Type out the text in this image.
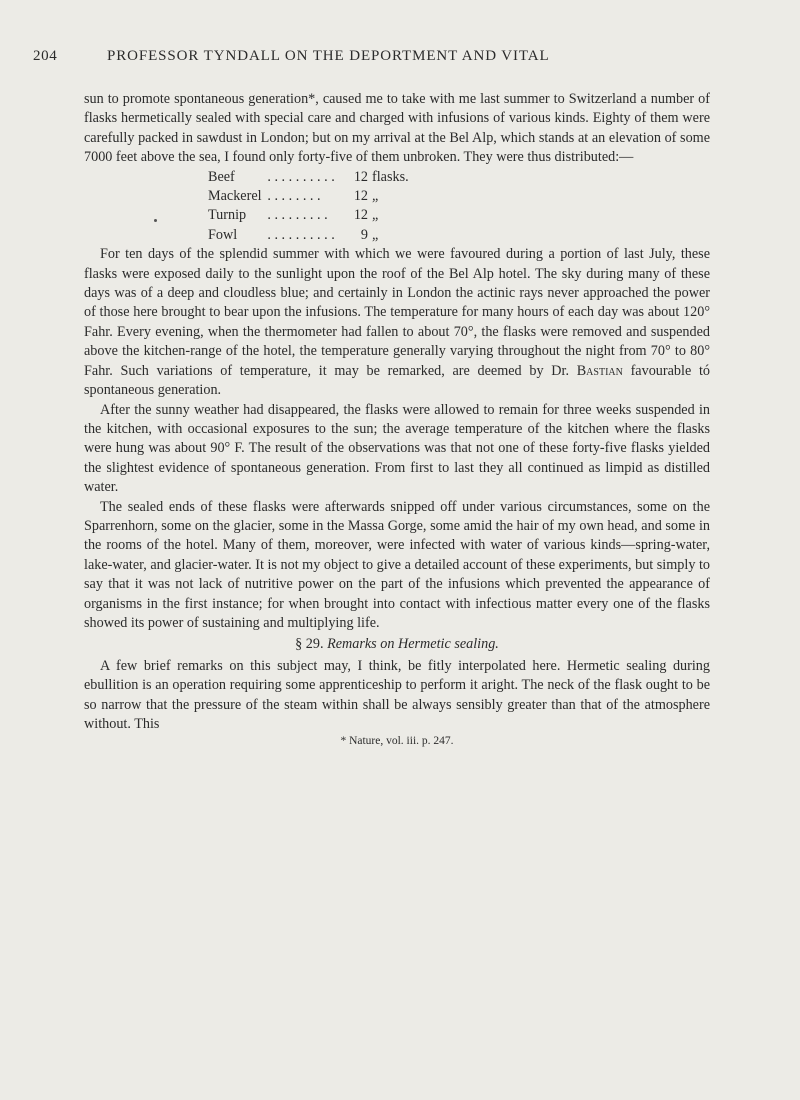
204	PROFESSOR TYNDALL ON THE DEPORTMENT AND VITAL

sun to promote spontaneous generation*, caused me to take with me last summer to Switzerland a number of flasks hermetically sealed with special care and charged with infusions of various kinds. Eighty of them were carefully packed in sawdust in London; but on my arrival at the Bel Alp, which stands at an elevation of some 7000 feet above the sea, I found only forty-five of them unbroken. They were thus distributed:—

Beef	. . . . . . . . . .	12	flasks.
Mackerel	. . . . . . . .	12	„
Turnip	. . . . . . . . .	12	„
Fowl	. . . . . . . . . .	9	„

For ten days of the splendid summer with which we were favoured during a portion of last July, these flasks were exposed daily to the sunlight upon the roof of the Bel Alp hotel. The sky during many of these days was of a deep and cloudless blue; and certainly in London the actinic rays never approached the power of those here brought to bear upon the infusions. The temperature for many hours of each day was about 120° Fahr. Every evening, when the thermometer had fallen to about 70°, the flasks were removed and suspended above the kitchen-range of the hotel, the temperature generally varying throughout the night from 70° to 80° Fahr. Such variations of temperature, it may be remarked, are deemed by Dr. Bastian favourable tó spontaneous generation.

After the sunny weather had disappeared, the flasks were allowed to remain for three weeks suspended in the kitchen, with occasional exposures to the sun; the average temperature of the kitchen where the flasks were hung was about 90° F. The result of the observations was that not one of these forty-five flasks yielded the slightest evidence of spontaneous generation. From first to last they all continued as limpid as distilled water.

The sealed ends of these flasks were afterwards snipped off under various circumstances, some on the Sparrenhorn, some on the glacier, some in the Massa Gorge, some amid the hair of my own head, and some in the rooms of the hotel. Many of them, moreover, were infected with water of various kinds—spring-water, lake-water, and glacier-water. It is not my object to give a detailed account of these experiments, but simply to say that it was not lack of nutritive power on the part of the infusions which prevented the appearance of organisms in the first instance; for when brought into contact with infectious matter every one of the flasks showed its power of sustaining and multiplying life.

§ 29. Remarks on Hermetic sealing.

A few brief remarks on this subject may, I think, be fitly interpolated here. Hermetic sealing during ebullition is an operation requiring some apprenticeship to perform it aright. The neck of the flask ought to be so narrow that the pressure of the steam within shall be always sensibly greater than that of the atmosphere without. This

* Nature, vol. iii. p. 247.
